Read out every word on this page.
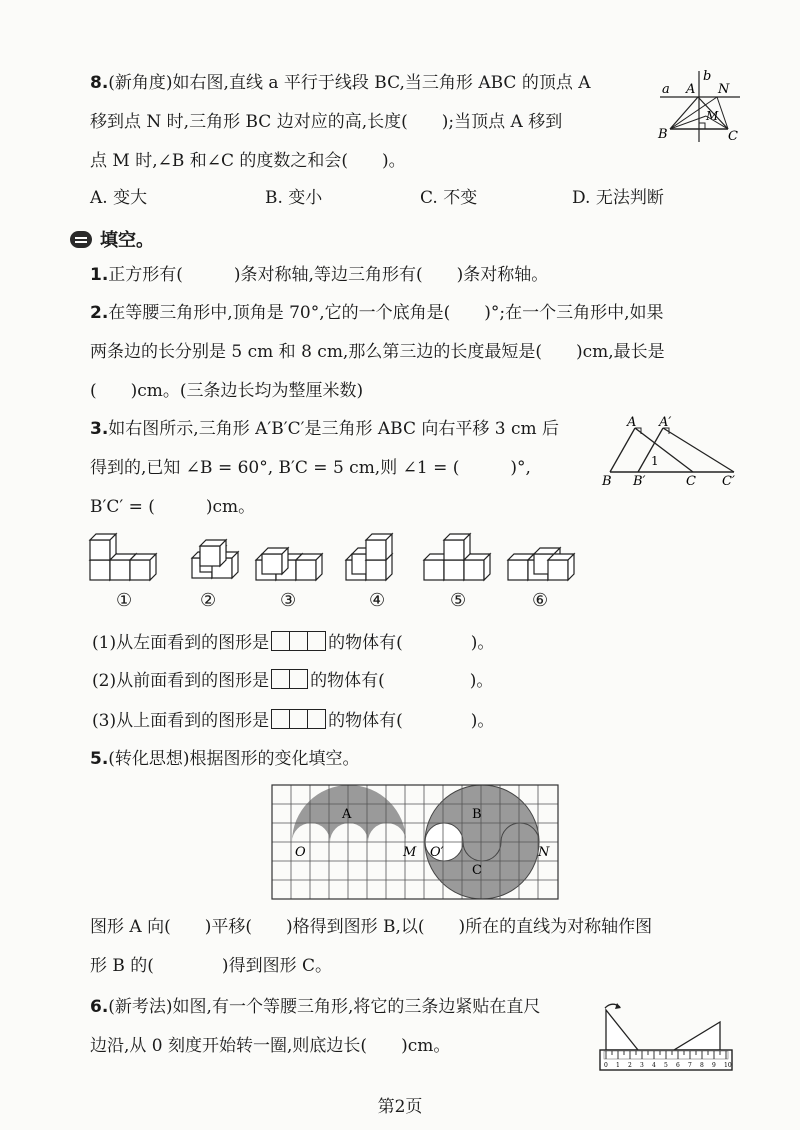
8.(新角度)如右图,直线 a 平行于线段 BC,当三角形 ABC 的顶点 A
移到点 N 时,三角形 BC 边对应的高,长度(　　);当顶点 A 移到
点 M 时,∠B 和∠C 的度数之和会(　　)。
a A
b
N
M
B	C
A. 变大	B. 变小	C. 不变	D. 无法判断
填空。
1.正方形有(　　　)条对称轴,等边三角形有(　　)条对称轴。
2.在等腰三角形中,顶角是 70°,它的一个底角是(　　)°;在一个三角形中,如果
两条边的长分别是 5 cm 和 8 cm,那么第三边的长度最短是(　　)cm,最长是
(　　)cm。(三条边长均为整厘米数)
3.如右图所示,三角形 A′B′C′是三角形 ABC 向右平移 3 cm 后
得到的,已知 ∠B = 60°, B′C = 5 cm,则 ∠1 = (　　　)°,
B′C′ = (　　　)cm。
A A′
1
B B′	C C′
①	②	③	④	⑤	⑥
(1)从左面看到的图形是	的物体有(　　　　)。
(2)从前面看到的图形是 的物体有(　　　　　)。
(3)从上面看到的图形是	的物体有(　　　　)。
5.(转化思想)根据图形的变化填空。
A	B
C
O	M O′	N
图形 A 向(　　)平移(　　)格得到图形 B,以(　　)所在的直线为对称轴作图
形 B 的(　　　　)得到图形 C。
6.(新考法)如图,有一个等腰三角形,将它的三条边紧贴在直尺
边沿,从 0 刻度开始转一圈,则底边长(　　)cm。
0 1 2 3 4 5 6 7 8 9 10
第2页
